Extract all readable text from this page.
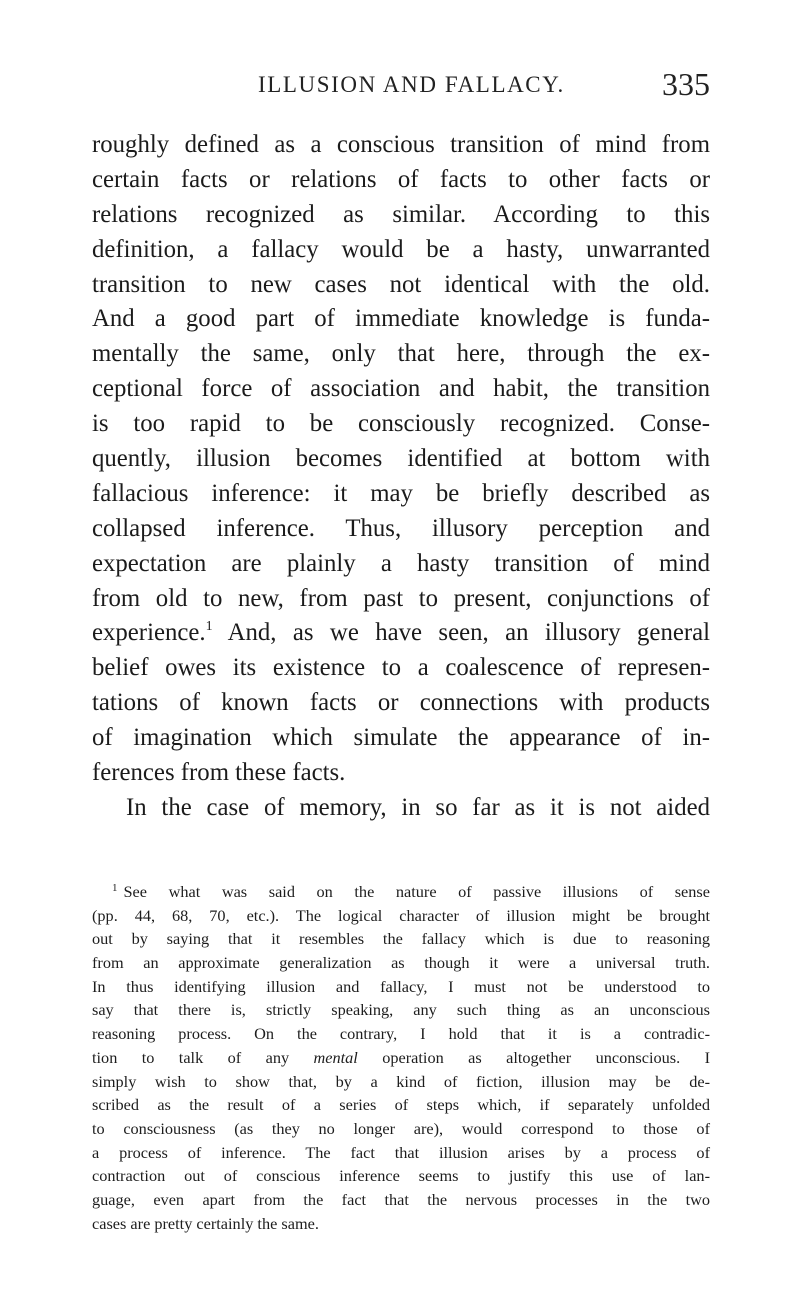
ILLUSION AND FALLACY.	335
roughly defined as a conscious transition of mind from
certain facts or relations of facts to other facts or
relations recognized as similar. According to this
definition, a fallacy would be a hasty, unwarranted
transition to new cases not identical with the old.
And a good part of immediate knowledge is funda-
mentally the same, only that here, through the ex-
ceptional force of association and habit, the transition
is too rapid to be consciously recognized. Conse-
quently, illusion becomes identified at bottom with
fallacious inference: it may be briefly described as
collapsed inference. Thus, illusory perception and
expectation are plainly a hasty transition of mind
from old to new, from past to present, conjunctions of
experience.$^1$ And, as we have seen, an illusory general
belief owes its existence to a coalescence of represen-
tations of known facts or connections with products
of imagination which simulate the appearance of in-
ferences from these facts.
In the case of memory, in so far as it is not aided
$^1$ See what was said on the nature of passive illusions of sense
(pp. 44, 68, 70, etc.). The logical character of illusion might be brought
out by saying that it resembles the fallacy which is due to reasoning
from an approximate generalization as though it were a universal truth.
In thus identifying illusion and fallacy, I must not be understood to
say that there is, strictly speaking, any such thing as an unconscious
reasoning process. On the contrary, I hold that it is a contradic-
tion to talk of any mental operation as altogether unconscious. I
simply wish to show that, by a kind of fiction, illusion may be de-
scribed as the result of a series of steps which, if separately unfolded
to consciousness (as they no longer are), would correspond to those of
a process of inference. The fact that illusion arises by a process of
contraction out of conscious inference seems to justify this use of lan-
guage, even apart from the fact that the nervous processes in the two
cases are pretty certainly the same.
